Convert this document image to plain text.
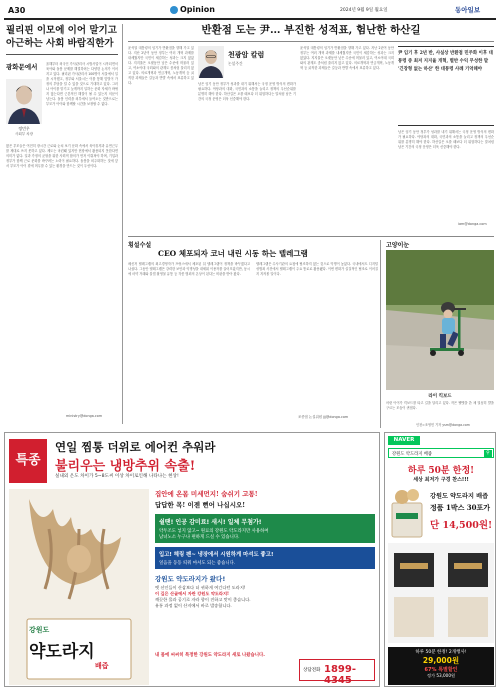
A30	Opinion	2024년 9월 9일 월요일	동아일보
필리핀 이모에 이어 말기고
아근하는 사회 바람직한가
광화문에서
정민우
사회부 차장
올해부터 외국인 가사관리사 시범사업이 시작되면서 육아와 돌봄 문제를 해결하려는 다양한 논의가 이어지고 있다. 필리핀 가사관리사 100명이 서울에서 일을 시작했고, 정부와 서울시는 이를 통해 맞벌이 가정의 부담을 덜 수 있을 것으로 기대하고 있다. 그러나 아이를 맡기고 늦게까지 일하는 문화 자체가 바뀌지 않는다면 근본적인 해결이 될 수 있는지 의문이 남는다. 돌봄 인력을 외부에서 들여오는 것만으로는 부모가 아이와 함께할 시간을 보장할 수 없다.
많은 부모들은 여전히 장시간 근로와 눈치 보기 문화 속에서 육아휴직과 유연근무를 제대로 쓰지 못하고 있다. 제도는 마련돼 있지만 현장에서 활용되지 못한다면 의미가 없다. 일과 가정의 균형을 위한 사회적 합의가 먼저 이뤄져야 하며, 기업과 정부가 함께 근로 문화를 바꾸려는 노력이 필요하다. 돌봄을 외주화하는 것에 앞서 부모가 아이 곁에 머무를 수 있는 환경을 만드는 것이 우선이다.
ministry@donga.com
반환점 도는 尹… 부진한 성적표, 험난한 하산길
천광암 칼럼
논설주간
윤석열 대통령의 임기가 반환점을 향해 가고 있다. 지난 2년여 동안 정부는 여러 개혁 과제를 내세웠지만 국민이 체감하는 성과는 크지 않았다. 지지율은 오랫동안 낮은 수준에 머물러 있고, 여소야대 국회와의 관계도 좀처럼 풀리지 않고 있다. 의료개혁과 연금개혁, 노동개혁 등 굵직한 과제들은 갈등과 반발 속에서 표류하고 있다.	남은 임기 동안 정부가 성과를 내기 위해서는 국정 운영 방식의 변화가 필요하다. 야당과의 대화, 국민과의 소통을 늘리고 정책의 우선순위를 분명히 해야 한다. 하산길은 오를 때보다 더 위험하다는 말처럼 남은 기간의 국정 운영은 더욱 신중해야 한다.
윤석열 대통령의 임기가 반환점을 향해 가고 있다. 지난 2년여 동안 정부는 여러 개혁 과제를 내세웠지만 국민이 체감하는 성과는 크지 않았다. 지지율은 오랫동안 낮은 수준에 머물러 있고, 여소야대 국회와의 관계도 좀처럼 풀리지 않고 있다. 의료개혁과 연금개혁, 노동개혁 등 굵직한 과제들은 갈등과 반발 속에서 표류하고 있다.
尹 임기 후 2년 반, 사실상 반환점 민주화 이후 대통령 중 최저 지지율 개혁, 별반 수익 무성한 말 '긴장형 없는 하산' 한 대통령 사례 기억해야
남은 임기 동안 정부가 성과를 내기 위해서는 국정 운영 방식의 변화가 필요하다. 야당과의 대화, 국민과의 소통을 늘리고 정책의 우선순위를 분명히 해야 한다. 하산길은 오를 때보다 더 위험하다는 말처럼 남은 기간의 국정 운영은 더욱 신중해야 한다.
iam@donga.com
횡설수설
CEO 체포되자 코너 내린 시동 하는 텔레그램
메신저 텔레그램의 최고경영자가 프랑스에서 체포된 뒤 텔레그램이 정책을 바꾸겠다고 나섰다. 그동안 텔레그램은 강력한 보안과 익명성을 내세워 이용자를 끌어모았지만, 동시에 마약 거래와 불법 촬영물 유통 등 각종 범죄의 온상이 된다는 비판을 받아 왔다.
텔레그램은 수사기관의 요청에 협조하지 않는 것으로 악명이 높았다. 국내에서도 디지털 성범죄 사건에서 텔레그램이 주요 통로로 활용됐다. 이번 변화가 실질적인 협조로 이어질지 지켜볼 일이다.
조종엽 논설위원 jjj@donga.com
고양이눈
라이 킥보드
어린 아이가 킥보드를 타고 길을 달리고 있다. 작은 헬멧을 쓴 채 열심히 발을 구르는 모습이 귀엽다.
인천=조영민 기자 ysm@donga.com
특종
연일 찜통 더위로 에어컨 추워라
불리우는 냉방추위 속출!
실내외 온도 차이가 5~8도씨 이상 차이로인해 나타나는 현상!
강원도
약도라지
배즙
집안에 온몸 미세먼지! 숨쉬기 고통!
답답한 목! 이젠 뻔어 나십시오!
쉴땐! 인공 감미료! 새시! 일체 무첨가!
약두조도 넣지 않고~ 원료의 강원도 약도라지만 사용하여
남녀노소 누구나 편하게 드실 수 있습니다.
입고! 헤링 펜~ 냉장에서 시원하게 마셔도 좋고!
얼음을 동동 띄워 마셔도 되는 좋습니다.
강원도 약도라지가 왔다!
옛 선인들이 산삼보다 더 귀하게 여긴다던 도라지!
이 깊은 산골에서 자란 강원도 약도라지!
깨끗한 물과 공기로 자라 향이 진하고 맛이 좋습니다.
유통 과정 없이 산지에서 바로 발송합니다.
내 몸에 씨씨히 특정한 강원도 약도라지 새로 나왔습니다.
상담전화 1899-4345
NAVER
강원도 약도라지 배즙	⚲
하루 50분 한정!
세상 최저가 구경 찬스!!!
강원도 약도라지 배즙
정품 1박스 30포가
단 14,500원!
하루 50분 한정! 2개행사!
29,000원
67% 특별할인
정가 53,000원
